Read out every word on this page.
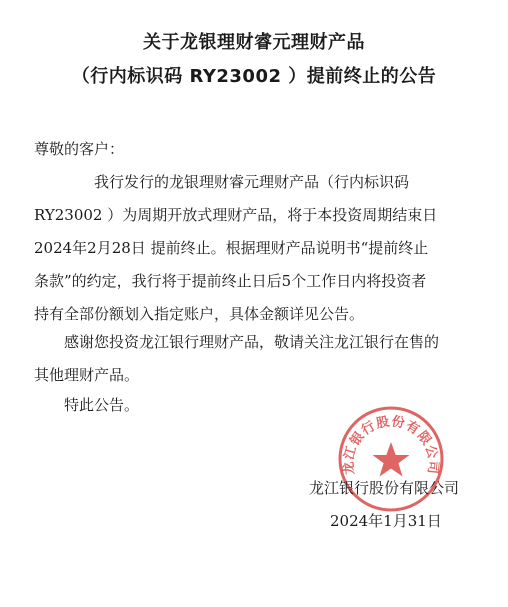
关于龙银理财睿元理财产品
（行内标识码 RY23002 ）提前终止的公告
尊敬的客户：
我行发行的龙银理财睿元理财产品（行内标识码
RY23002 ）为周期开放式理财产品，将于本投资周期结束日
2024年2月28日 提前终止。根据理财产品说明书“提前终止
条款”的约定，我行将于提前终止日后5个工作日内将投资者
持有全部份额划入指定账户，具体金额详见公告。
感谢您投资龙江银行理财产品，敬请关注龙江银行在售的
其他理财产品。
特此公告。
龙江银行股份有限公司
龙江银行股份有限公司
2024年1月31日
